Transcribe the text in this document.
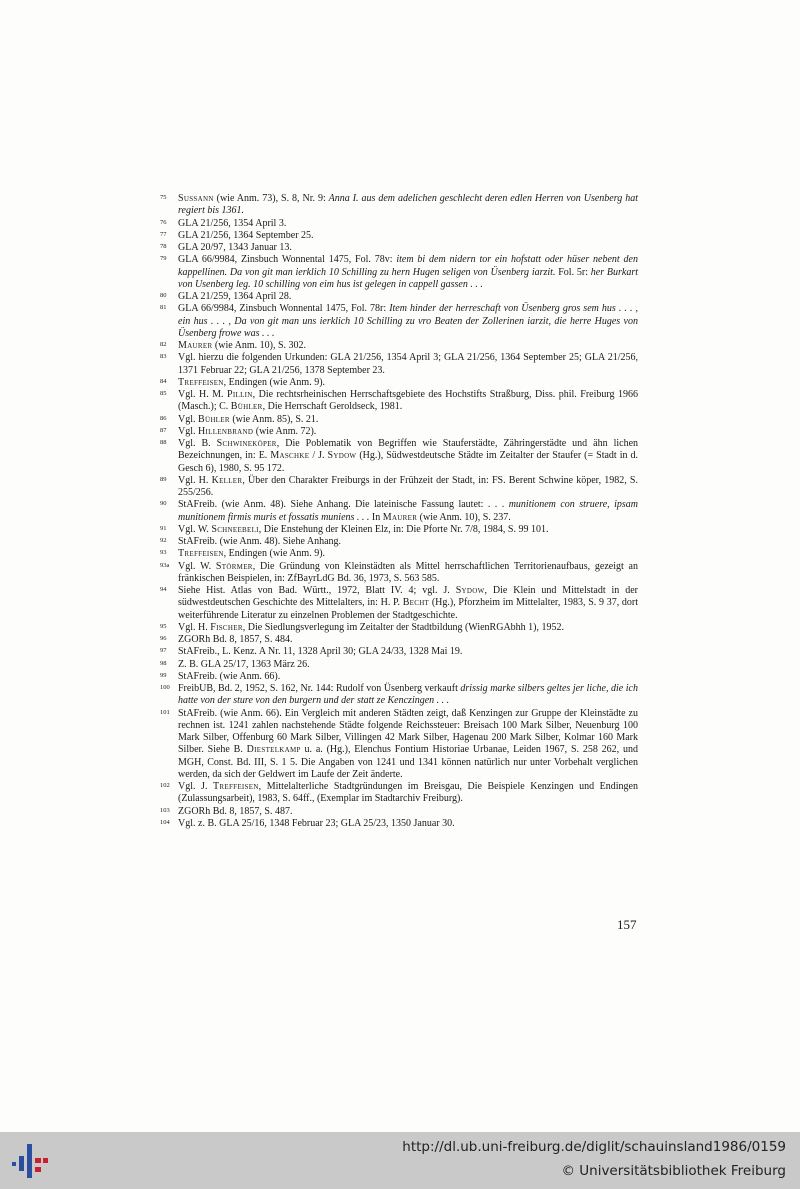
75 Sussann (wie Anm. 73), S. 8, Nr. 9: Anna I. aus dem adelichen geschlecht deren edlen Herren von Usenberg hat regiert bis 1361.
76 GLA 21/256, 1354 April 3.
77 GLA 21/256, 1364 September 25.
78 GLA 20/97, 1343 Januar 13.
79 GLA 66/9984, Zinsbuch Wonnental 1475, Fol. 78v: item bi dem nidern tor ein hofstatt oder hüser nebent den kappellinen. Da von git man ierklich 10 Schilling zu hern Hugen seligen von Üsenberg iarzit. Fol. 5r: her Burkart von Usenberg leg. 10 schilling von eim hus ist gelegen in cappell gassen . . .
80 GLA 21/259, 1364 April 28.
81 GLA 66/9984, Zinsbuch Wonnental 1475, Fol. 78r: Item hinder der herreschaft von Üsenberg gros sem hus . . . , ein hus . . . , Da von git man uns ierklich 10 Schilling zu vro Beaten der Zollerinen iarzit, die herre Huges von Üsenberg frowe was . . .
82 Maurer (wie Anm. 10), S. 302.
83 Vgl. hierzu die folgenden Urkunden: GLA 21/256, 1354 April 3; GLA 21/256, 1364 September 25; GLA 21/256, 1371 Februar 22; GLA 21/256, 1378 September 23.
84 Treffeisen, Endingen (wie Anm. 9).
85 Vgl. H. M. Pillin, Die rechtsrheinischen Herrschaftsgebiete des Hochstifts Straßburg, Diss. phil. Freiburg 1966 (Masch.); C. Bühler, Die Herrschaft Geroldseck, 1981.
86 Vgl. Bühler (wie Anm. 85), S. 21.
87 Vgl. Hillenbrand (wie Anm. 72).
88 Vgl. B. Schwineköper, Die Poblematik von Begriffen wie Stauferstädte, Zähringerstädte und ähn lichen Bezeichnungen, in: E. Maschke / J. Sydow (Hg.), Südwestdeutsche Städte im Zeitalter der Staufer (= Stadt in d. Gesch 6), 1980, S. 95 172.
89 Vgl. H. Keller, Über den Charakter Freiburgs in der Frühzeit der Stadt, in: FS. Berent Schwine köper, 1982, S. 255/256.
90 StAFreib. (wie Anm. 48). Siehe Anhang. Die lateinische Fassung lautet: . . . munitionem con struere, ipsam munitionem firmis muris et fossatis muniens . . . In Maurer (wie Anm. 10), S. 237.
91 Vgl. W. Schneebeli, Die Enstehung der Kleinen Elz, in: Die Pforte Nr. 7/8, 1984, S. 99 101.
92 StAFreib. (wie Anm. 48). Siehe Anhang.
93 Treffeisen, Endingen (wie Anm. 9).
93a Vgl. W. Störmer, Die Gründung von Kleinstädten als Mittel herrschaftlichen Territorienaufbaus, gezeigt an fränkischen Beispielen, in: ZfBayrLdG Bd. 36, 1973, S. 563 585.
94 Siehe Hist. Atlas von Bad. Württ., 1972, Blatt IV. 4; vgl. J. Sydow, Die Klein und Mittelstadt in der südwestdeutschen Geschichte des Mittelalters, in: H. P. Becht (Hg.), Pforzheim im Mittelalter, 1983, S. 9 37, dort weiterführende Literatur zu einzelnen Problemen der Stadtgeschichte.
95 Vgl. H. Fischer, Die Siedlungsverlegung im Zeitalter der Stadtbildung (WienRGAbhh 1), 1952.
96 ZGORh Bd. 8, 1857, S. 484.
97 StAFreib., L. Kenz. A Nr. 11, 1328 April 30; GLA 24/33, 1328 Mai 19.
98 Z. B. GLA 25/17, 1363 März 26.
99 StAFreib. (wie Anm. 66).
100 FreibUB, Bd. 2, 1952, S. 162, Nr. 144: Rudolf von Üsenberg verkauft drissig marke silbers geltes jer liche, die ich hatte von der sture von den burgern und der statt ze Kenczingen . . .
101 StAFreib. (wie Anm. 66). Ein Vergleich mit anderen Städten zeigt, daß Kenzingen zur Gruppe der Kleinstädte zu rechnen ist. 1241 zahlen nachstehende Städte folgende Reichssteuer: Breisach 100 Mark Silber, Neuenburg 100 Mark Silber, Offenburg 60 Mark Silber, Villingen 42 Mark Silber, Hagenau 200 Mark Silber, Kolmar 160 Mark Silber. Siehe B. Diestelkamp u. a. (Hg.), Elenchus Fontium Historiae Urbanae, Leiden 1967, S. 258 262, und MGH, Const. Bd. III, S. 1 5. Die Angaben von 1241 und 1341 können natürlich nur unter Vorbehalt verglichen werden, da sich der Geldwert im Laufe der Zeit änderte.
102 Vgl. J. Treffeisen, Mittelalterliche Stadtgründungen im Breisgau, Die Beispiele Kenzingen und Endingen (Zulassungsarbeit), 1983, S. 64ff., (Exemplar im Stadtarchiv Freiburg).
103 ZGORh Bd. 8, 1857, S. 487.
104 Vgl. z. B. GLA 25/16, 1348 Februar 23; GLA 25/23, 1350 Januar 30.
157
http://dl.ub.uni-freiburg.de/diglit/schauinsland1986/0159
© Universitätsbibliothek Freiburg
